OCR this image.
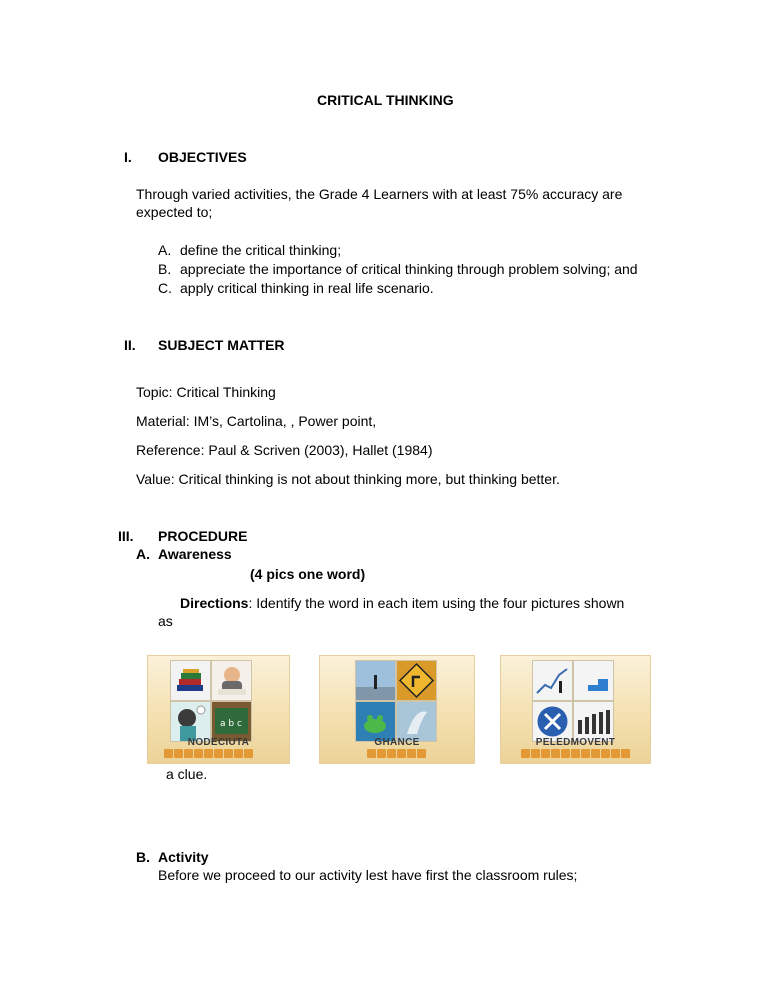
CRITICAL THINKING
I. OBJECTIVES
Through varied activities, the Grade 4 Learners with at least 75% accuracy are
expected to;
A. define the critical thinking;
B. appreciate the importance of critical thinking through problem solving; and
C. apply critical thinking in real life scenario.
II. SUBJECT MATTER
Topic: Critical Thinking
Material: IM’s, Cartolina, , Power point,
Reference: Paul & Scriven (2003), Hallet (1984)
Value: Critical thinking is not about thinking more, but thinking better.
III. PROCEDURE
A. Awareness
(4 pics one word)
Directions: Identify the word in each item using the four pictures shown
as
a b c
NODECIUTA	GHANCE	PELEDMOVENT
a clue.
B. Activity
Before we proceed to our activity lest have first the classroom rules;
